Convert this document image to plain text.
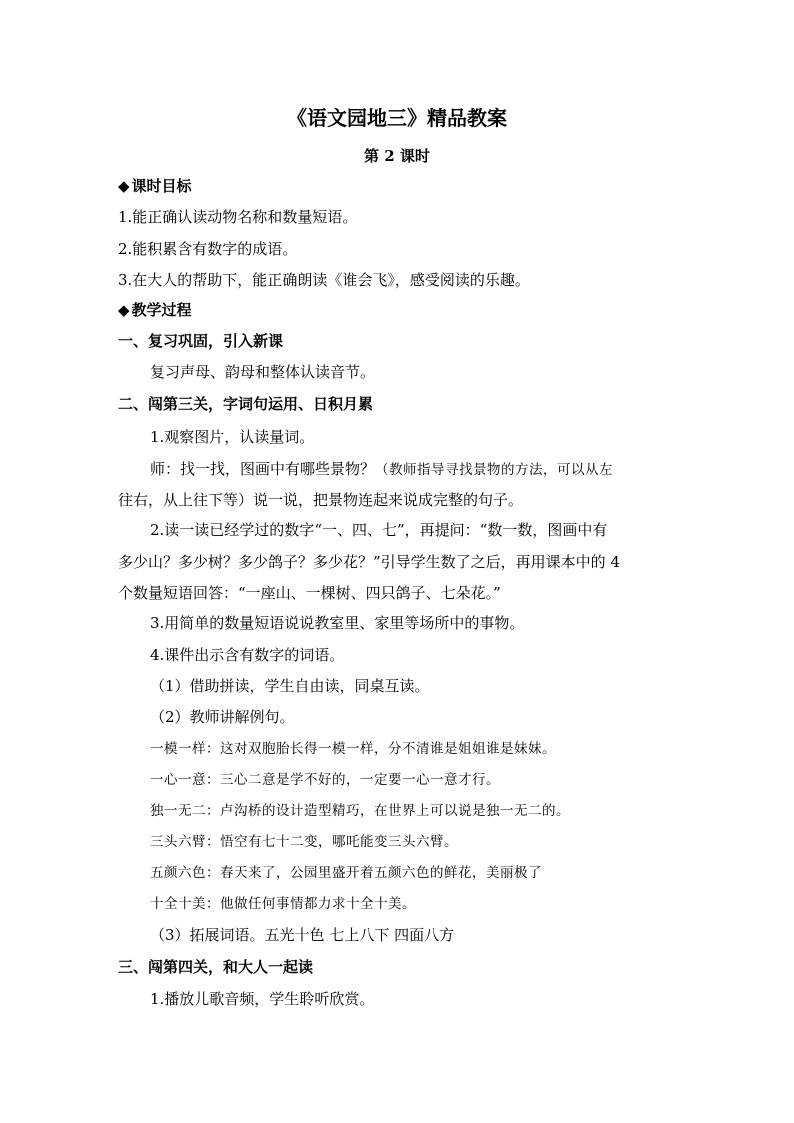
《语文园地三》精品教案
第 2 课时
◆ 课时目标
1.能正确认读动物名称和数量短语。
2.能积累含有数字的成语。
3.在大人的帮助下，能正确朗读《谁会飞》，感受阅读的乐趣。
◆ 教学过程
一、复习巩固，引入新课
复习声母、韵母和整体认读音节。
二、闯第三关，字词句运用、日积月累
1.观察图片，认读量词。
师：找一找，图画中有哪些景物？（教师指导寻找景物的方法，可以从左
往右，从上往下等）说一说，把景物连起来说成完整的句子。
2.读一读已经学过的数字“一、四、七”，再提问：“数一数，图画中有
多少山？多少树？多少鸽子？多少花？”引导学生数了之后，再用课本中的 4
个数量短语回答：“一座山、一棵树、四只鸽子、七朵花。”
3.用简单的数量短语说说教室里、家里等场所中的事物。
4.课件出示含有数字的词语。
（1）借助拼读，学生自由读，同桌互读。
（2）教师讲解例句。
一模一样：这对双胞胎长得一模一样，分不清谁是姐姐谁是妹妹。
一心一意：三心二意是学不好的，一定要一心一意才行。
独一无二：卢沟桥的设计造型精巧，在世界上可以说是独一无二的。
三头六臂：悟空有七十二变，哪吒能变三头六臂。
五颜六色：春天来了，公园里盛开着五颜六色的鲜花，美丽极了
十全十美：他做任何事情都力求十全十美。
（3）拓展词语。五光十色 七上八下 四面八方
三、闯第四关，和大人一起读
1.播放儿歌音频，学生聆听欣赏。
